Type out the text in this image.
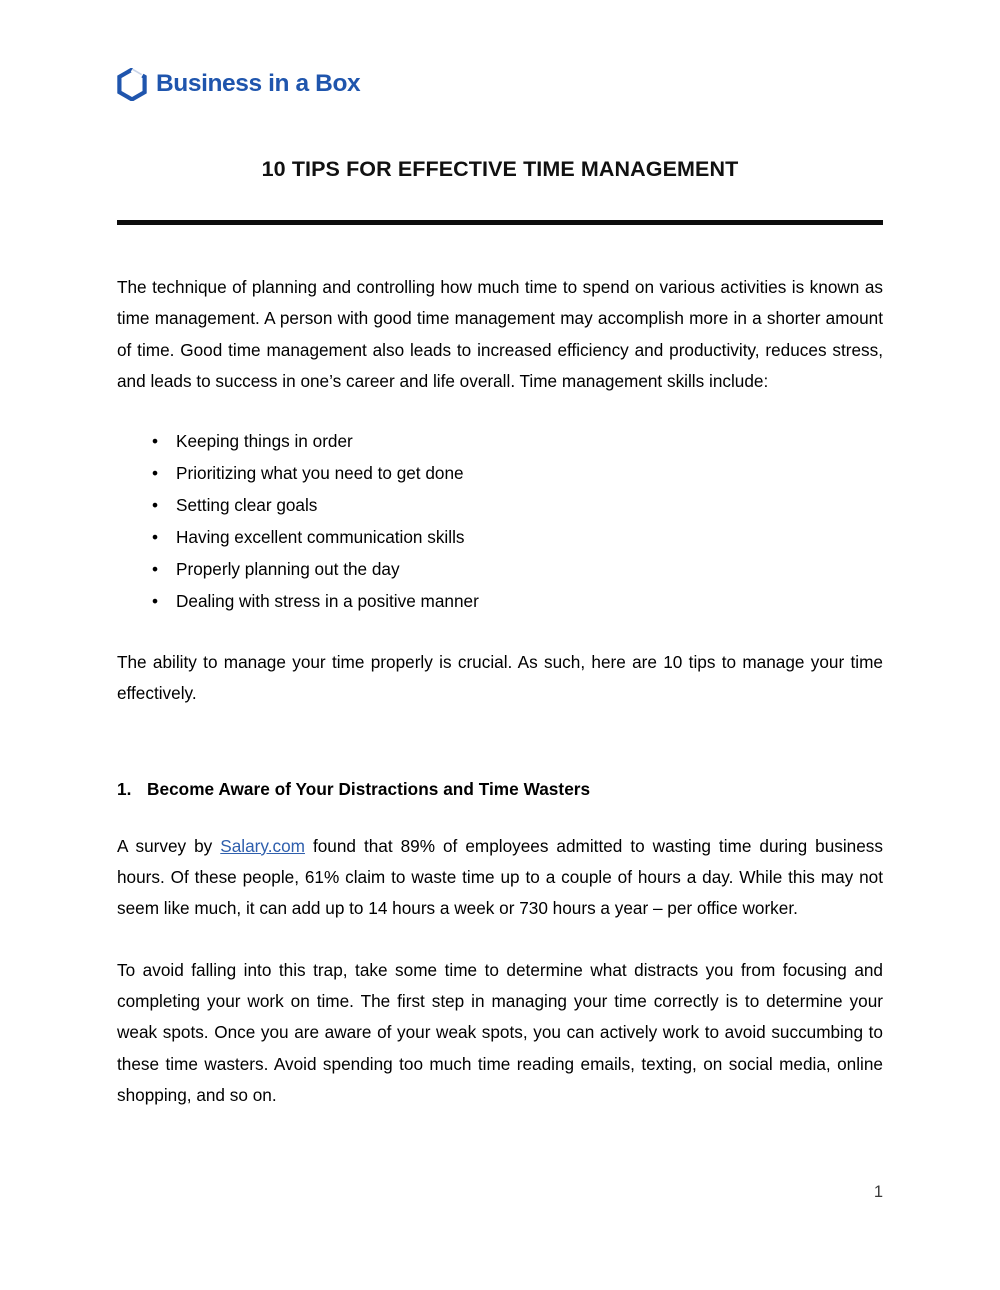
Business in a Box
10 TIPS FOR EFFECTIVE TIME MANAGEMENT

The technique of planning and controlling how much time to spend on various activities is known as time management. A person with good time management may accomplish more in a shorter amount of time. Good time management also leads to increased efficiency and productivity, reduces stress, and leads to success in one’s career and life overall. Time management skills include:

• Keeping things in order
• Prioritizing what you need to get done
• Setting clear goals
• Having excellent communication skills
• Properly planning out the day
• Dealing with stress in a positive manner

The ability to manage your time properly is crucial. As such, here are 10 tips to manage your time effectively.

1. Become Aware of Your Distractions and Time Wasters

A survey by Salary.com found that 89% of employees admitted to wasting time during business hours. Of these people, 61% claim to waste time up to a couple of hours a day. While this may not seem like much, it can add up to 14 hours a week or 730 hours a year – per office worker.

To avoid falling into this trap, take some time to determine what distracts you from focusing and completing your work on time. The first step in managing your time correctly is to determine your weak spots. Once you are aware of your weak spots, you can actively work to avoid succumbing to these time wasters. Avoid spending too much time reading emails, texting, on social media, online shopping, and so on.

1
